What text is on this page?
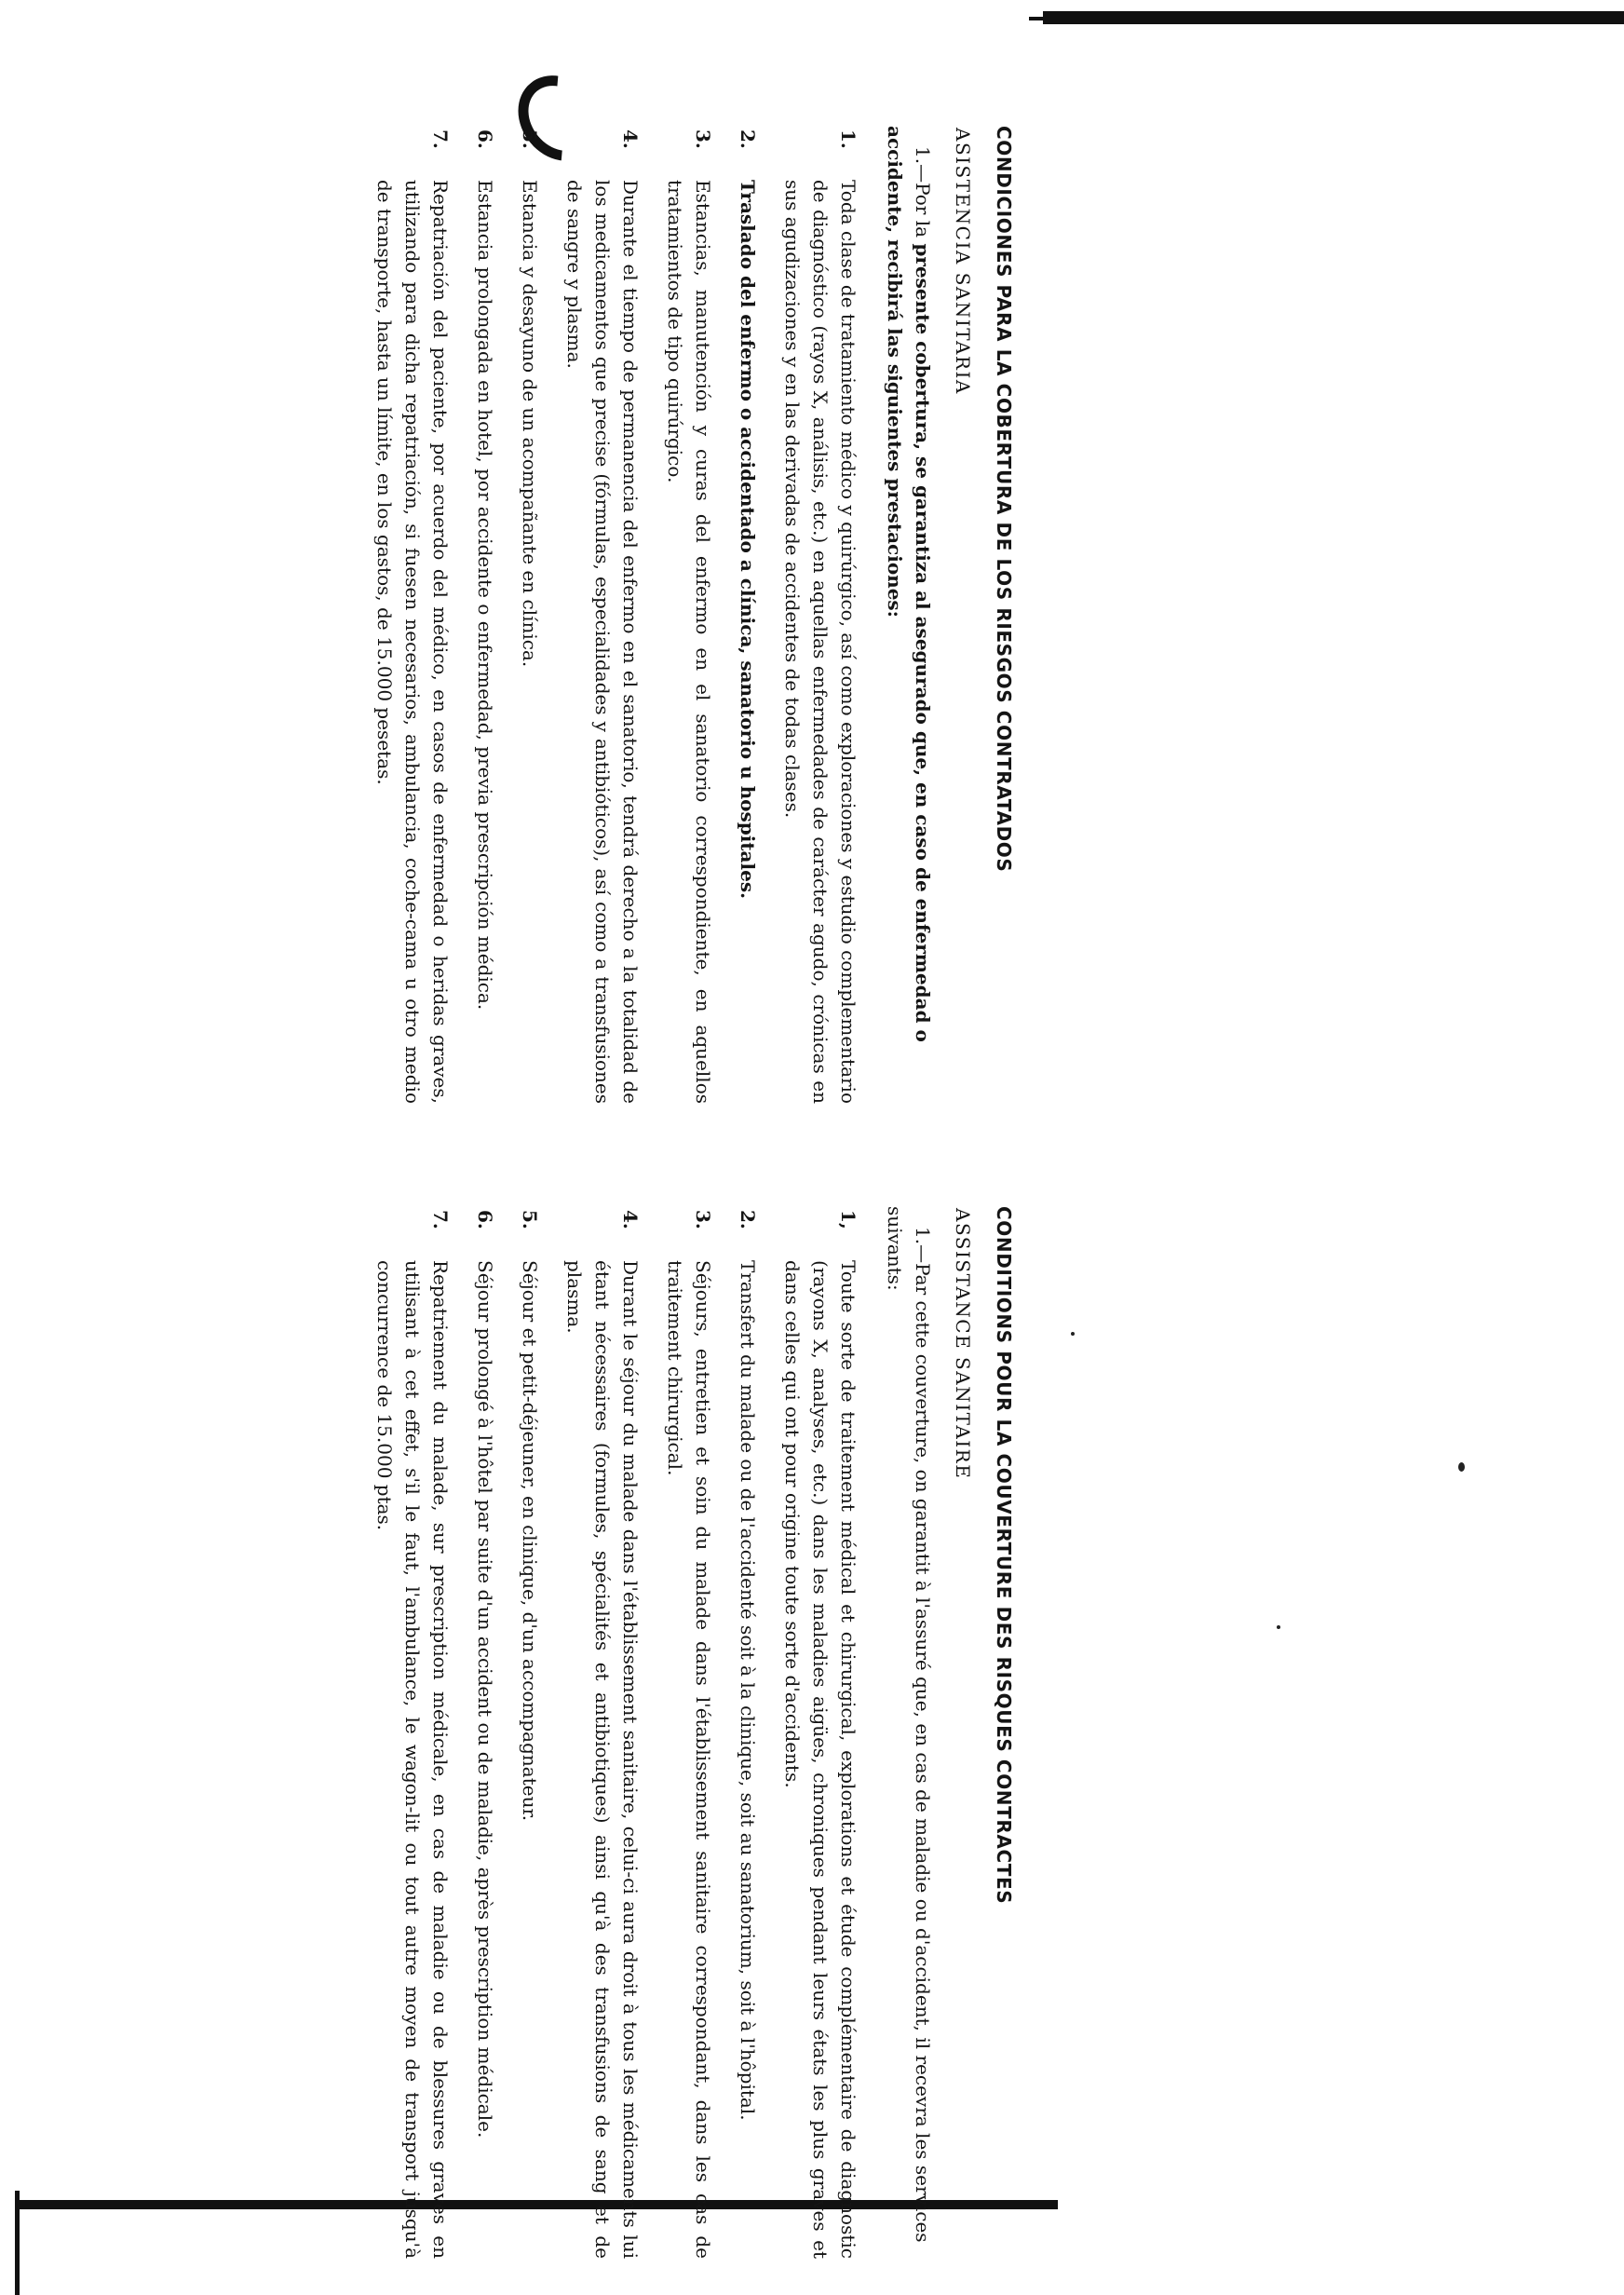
CONDICIONES PARA LA COBERTURA DE LOS RIESGOS CONTRATADOS
ASISTENCIA SANITARIA

1.—Por la presente cobertura, se garantiza al asegurado que, en caso de enfermedad o accidente, recibirá las siguientes prestaciones:

1.
Toda clase de tratamiento médico y quirúrgico, así como exploraciones y estudio complementario de diagnóstico (rayos X, análisis, etc.) en aquellas enfermedades de carácter agudo, crónicas en sus agudizaciones y en las derivadas de accidentes de todas clases.
2.
Traslado del enfermo o accidentado a clínica, sanatorio u hospitales.
3.
Estancias, manutención y curas del enfermo en el sanatorio correspondiente, en aquellos tratamientos de tipo quirúrgico.
4.
Durante el tiempo de permanencia del enfermo en el sanatorio, tendrá derecho a la totalidad de los medicamentos que precise (fórmulas, especialidades y antibióticos), así como a transfusiones de sangre y plasma.
5.
Estancia y desayuno de un acompañante en clínica.
6.
Estancia prolongada en hotel, por accidente o enfermedad, previa prescripción médica.
7.
Repatriación del paciente, por acuerdo del médico, en casos de enfermedad o heridas graves, utilizando para dicha repatriación, si fuesen necesarios, ambulancia, coche-cama u otro medio de transporte, hasta un límite, en los gastos, de 15.000 pesetas.
CONDITIONS POUR LA COUVERTURE DES RISQUES CONTRACTES
ASSISTANCE SANITAIRE

1.—Par cette couverture, on garantit à l'assuré que, en cas de maladie ou d'accident, il recevra les services suivants:

1,
Toute sorte de traitement médical et chirurgical, explorations et étude complémentaire de diagnostic (rayons X, analyses, etc.) dans les maladies aigües, chroniques pendant leurs états les plus graves et dans celles qui ont pour origine toute sorte d'accidents.
2.
Transfert du malade ou de l'accidenté soit à la clinique, soit au sanatorium, soit à l'hôpital.
3.
Séjours, entretien et soin du malade dans l'établissement sanitaire correspondant, dans les cas de traitement chirurgical.
4.
Durant le séjour du malade dans l'établissement sanitaire, celui-ci aura droit à tous les médicaments lui étant nécessaires (formules, spécialités et antibiotiques) ainsi qu'à des transfusions de sang et de plasma.
5.
Séjour et petit-déjeuner, en clinique, d'un accompagnateur.
6.
Séjour prolongé à l'hôtel par suite d'un accident ou de maladie, après prescription médicale.
7.
Repatriement du malade, sur prescription médicale, en cas de maladie ou de blessures graves en utilisant à cet effet, s'il le faut, l'ambulance, le wagon-lit ou tout autre moyen de transport jusqu'à concurrence de 15.000 ptas.
